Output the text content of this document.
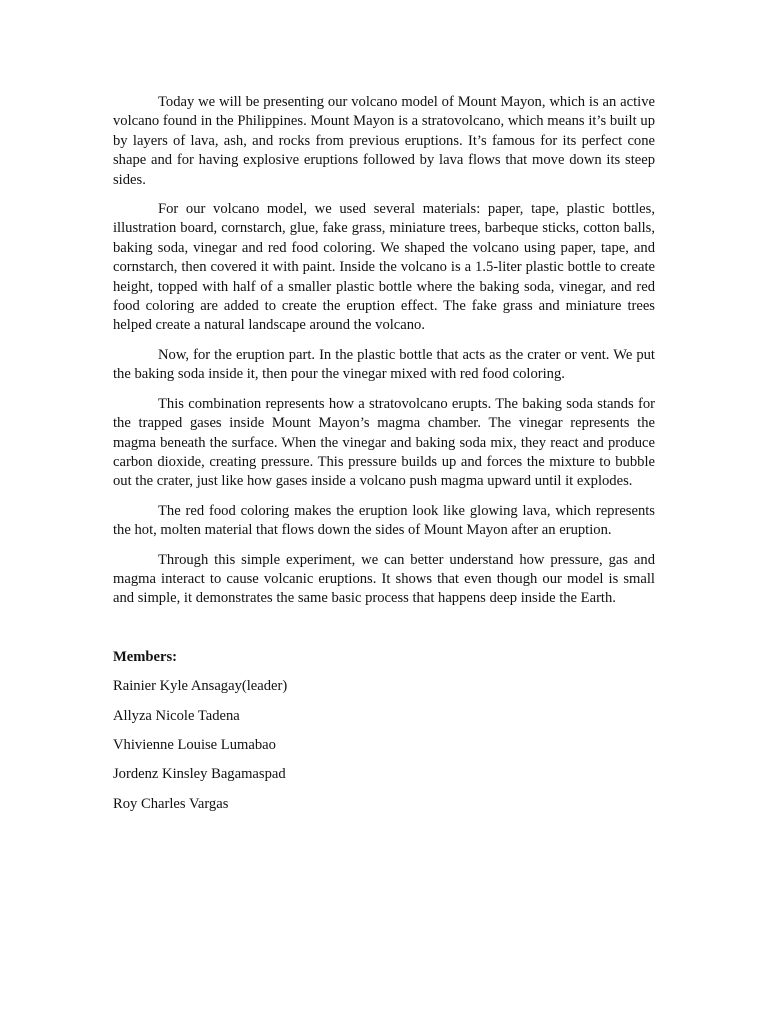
Today we will be presenting our volcano model of Mount Mayon, which is an active volcano found in the Philippines. Mount Mayon is a stratovolcano, which means it’s built up by layers of lava, ash, and rocks from previous eruptions. It’s famous for its perfect cone shape and for having explosive eruptions followed by lava flows that move down its steep sides.

For our volcano model, we used several materials: paper, tape, plastic bottles, illustration board, cornstarch, glue, fake grass, miniature trees, barbeque sticks, cotton balls, baking soda, vinegar and red food coloring. We shaped the volcano using paper, tape, and cornstarch, then covered it with paint. Inside the volcano is a 1.5-liter plastic bottle to create height, topped with half of a smaller plastic bottle where the baking soda, vinegar, and red food coloring are added to create the eruption effect. The fake grass and miniature trees helped create a natural landscape around the volcano.

Now, for the eruption part. In the plastic bottle that acts as the crater or vent. We put the baking soda inside it, then pour the vinegar mixed with red food coloring.

This combination represents how a stratovolcano erupts. The baking soda stands for the trapped gases inside Mount Mayon’s magma chamber. The vinegar represents the magma beneath the surface. When the vinegar and baking soda mix, they react and produce carbon dioxide, creating pressure. This pressure builds up and forces the mixture to bubble out the crater, just like how gases inside a volcano push magma upward until it explodes.

The red food coloring makes the eruption look like glowing lava, which represents the hot, molten material that flows down the sides of Mount Mayon after an eruption.

Through this simple experiment, we can better understand how pressure, gas and magma interact to cause volcanic eruptions. It shows that even though our model is small and simple, it demonstrates the same basic process that happens deep inside the Earth.

Members:

Rainier Kyle Ansagay(leader)

Allyza Nicole Tadena

Vhivienne Louise Lumabao

Jordenz Kinsley Bagamaspad

Roy Charles Vargas
